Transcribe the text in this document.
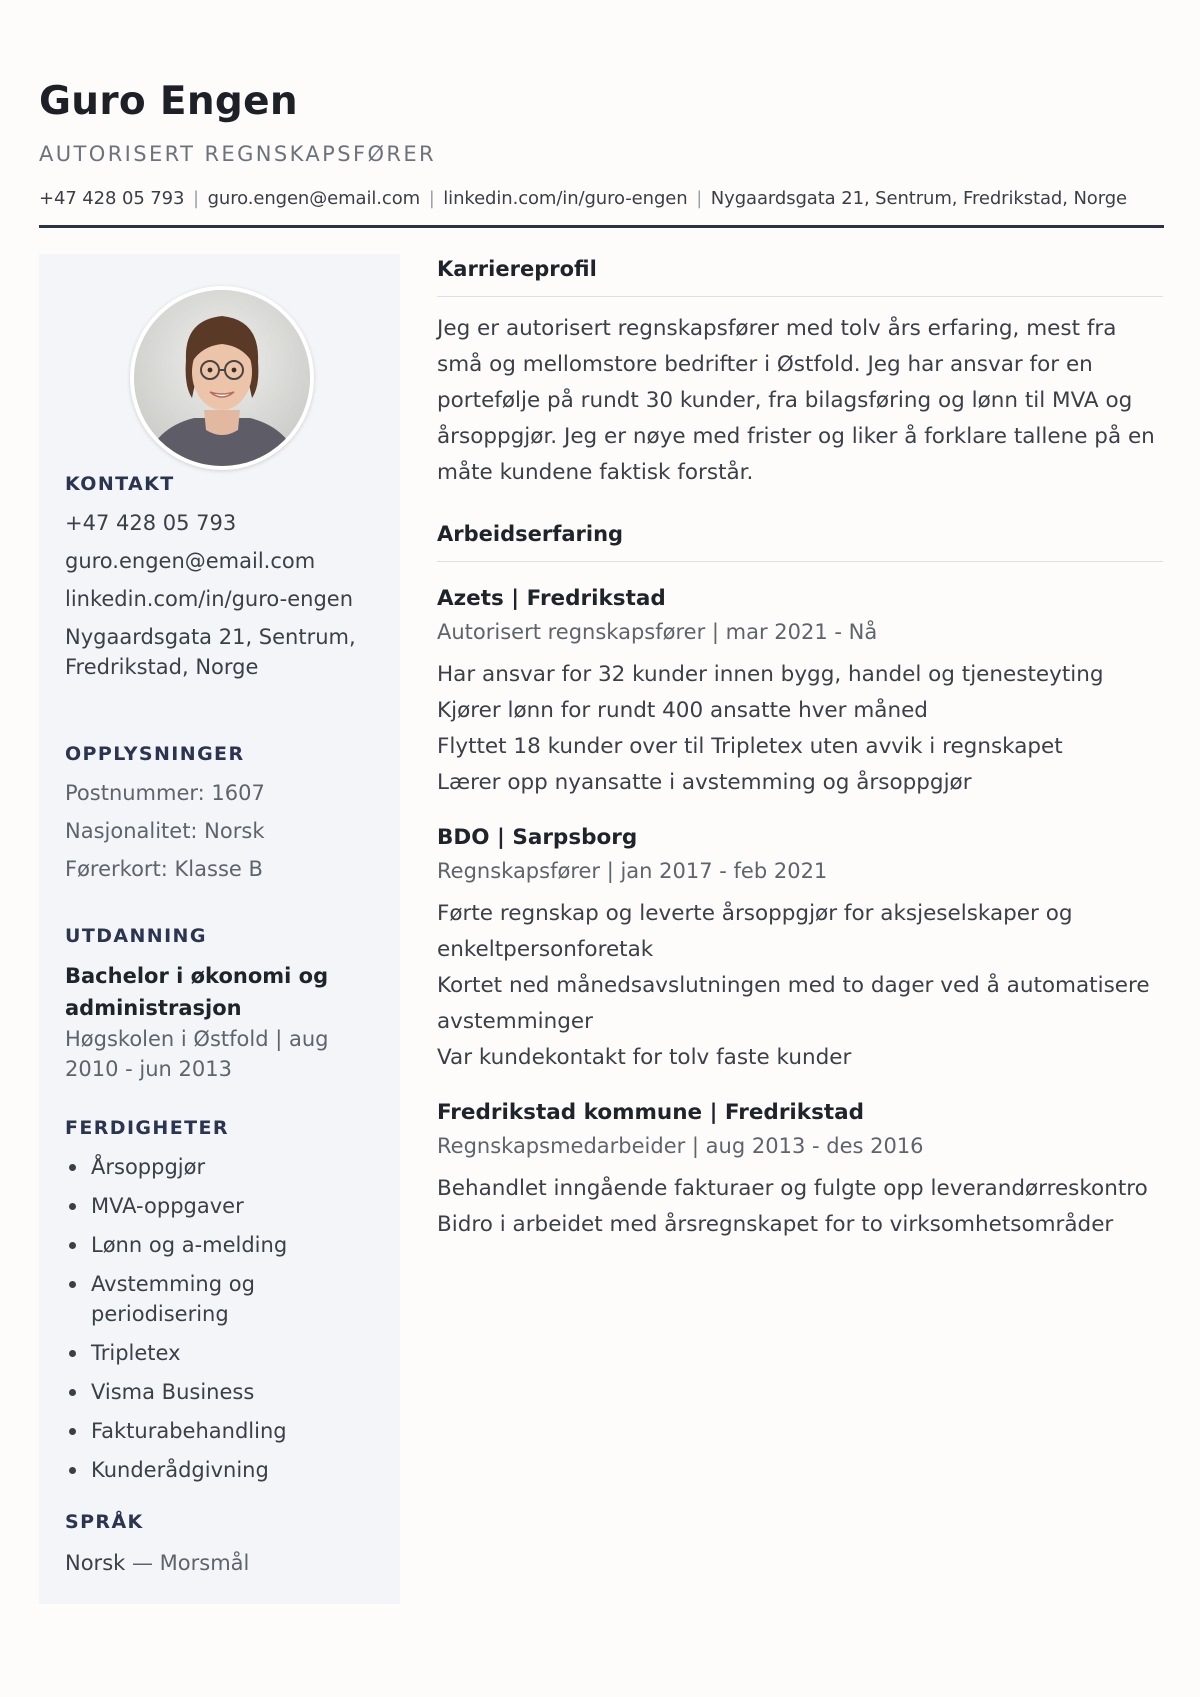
Guro Engen
AUTORISERT REGNSKAPSFØRER
+47 428 05 793 | guro.engen@email.com | linkedin.com/in/guro-engen | Nygaardsgata 21, Sentrum, Fredrikstad, Norge
KONTAKT
+47 428 05 793
guro.engen@email.com
linkedin.com/in/guro-engen
Nygaardsgata 21, Sentrum, Fredrikstad, Norge
OPPLYSNINGER
Postnummer: 1607
Nasjonalitet: Norsk
Førerkort: Klasse B
UTDANNING
Bachelor i økonomi og administrasjon
Høgskolen i Østfold | aug 2010 - jun 2013
FERDIGHETER
Årsoppgjør
MVA-oppgaver
Lønn og a-melding
Avstemming og periodisering
Tripletex
Visma Business
Fakturabehandling
Kunderådgivning
SPRÅK
Norsk — Morsmål
Karriereprofil

Jeg er autorisert regnskapsfører med tolv års erfaring, mest fra små og mellomstore bedrifter i Østfold. Jeg har ansvar for en portefølje på rundt 30 kunder, fra bilagsføring og lønn til MVA og årsoppgjør. Jeg er nøye med frister og liker å forklare tallene på en måte kundene faktisk forstår.

Arbeidserfaring
Azets | Fredrikstad
Autorisert regnskapsfører | mar 2021 - Nå
Har ansvar for 32 kunder innen bygg, handel og tjenesteyting
Kjører lønn for rundt 400 ansatte hver måned
Flyttet 18 kunder over til Tripletex uten avvik i regnskapet
Lærer opp nyansatte i avstemming og årsoppgjør
BDO | Sarpsborg
Regnskapsfører | jan 2017 - feb 2021
Førte regnskap og leverte årsoppgjør for aksjeselskaper og enkeltpersonforetak
Kortet ned månedsavslutningen med to dager ved å automatisere avstemminger
Var kundekontakt for tolv faste kunder
Fredrikstad kommune | Fredrikstad
Regnskapsmedarbeider | aug 2013 - des 2016
Behandlet inngående fakturaer og fulgte opp leverandørreskontro
Bidro i arbeidet med årsregnskapet for to virksomhetsområder
